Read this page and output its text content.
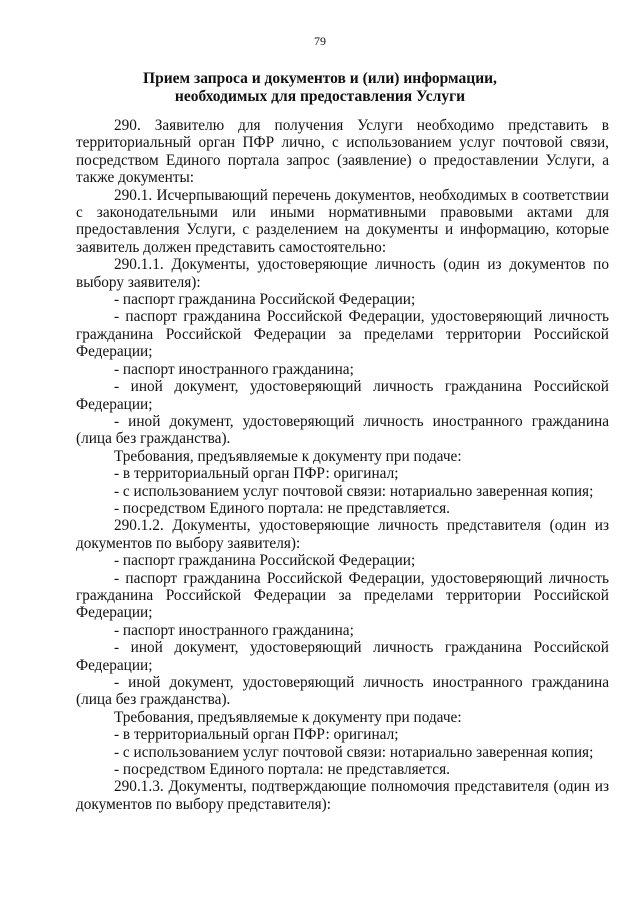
79
Прием запроса и документов и (или) информации, необходимых для предоставления Услуги

290. Заявителю для получения Услуги необходимо представить в территориальный орган ПФР лично, с использованием услуг почтовой связи, посредством Единого портала запрос (заявление) о предоставлении Услуги, а также документы:

290.1. Исчерпывающий перечень документов, необходимых в соответствии с законодательными или иными нормативными правовыми актами для предоставления Услуги, с разделением на документы и информацию, которые заявитель должен представить самостоятельно:

290.1.1. Документы, удостоверяющие личность (один из документов по выбору заявителя):

- паспорт гражданина Российской Федерации;

- паспорт гражданина Российской Федерации, удостоверяющий личность гражданина Российской Федерации за пределами территории Российской Федерации;

- паспорт иностранного гражданина;

- иной документ, удостоверяющий личность гражданина Российской Федерации;

- иной документ, удостоверяющий личность иностранного гражданина (лица без гражданства).

Требования, предъявляемые к документу при подаче:

- в территориальный орган ПФР: оригинал;

- с использованием услуг почтовой связи: нотариально заверенная копия;

- посредством Единого портала: не представляется.

290.1.2. Документы, удостоверяющие личность представителя (один из документов по выбору заявителя):

- паспорт гражданина Российской Федерации;

- паспорт гражданина Российской Федерации, удостоверяющий личность гражданина Российской Федерации за пределами территории Российской Федерации;

- паспорт иностранного гражданина;

- иной документ, удостоверяющий личность гражданина Российской Федерации;

- иной документ, удостоверяющий личность иностранного гражданина (лица без гражданства).

Требования, предъявляемые к документу при подаче:

- в территориальный орган ПФР: оригинал;

- с использованием услуг почтовой связи: нотариально заверенная копия;

- посредством Единого портала: не представляется.

290.1.3. Документы, подтверждающие полномочия представителя (один из документов по выбору представителя):
